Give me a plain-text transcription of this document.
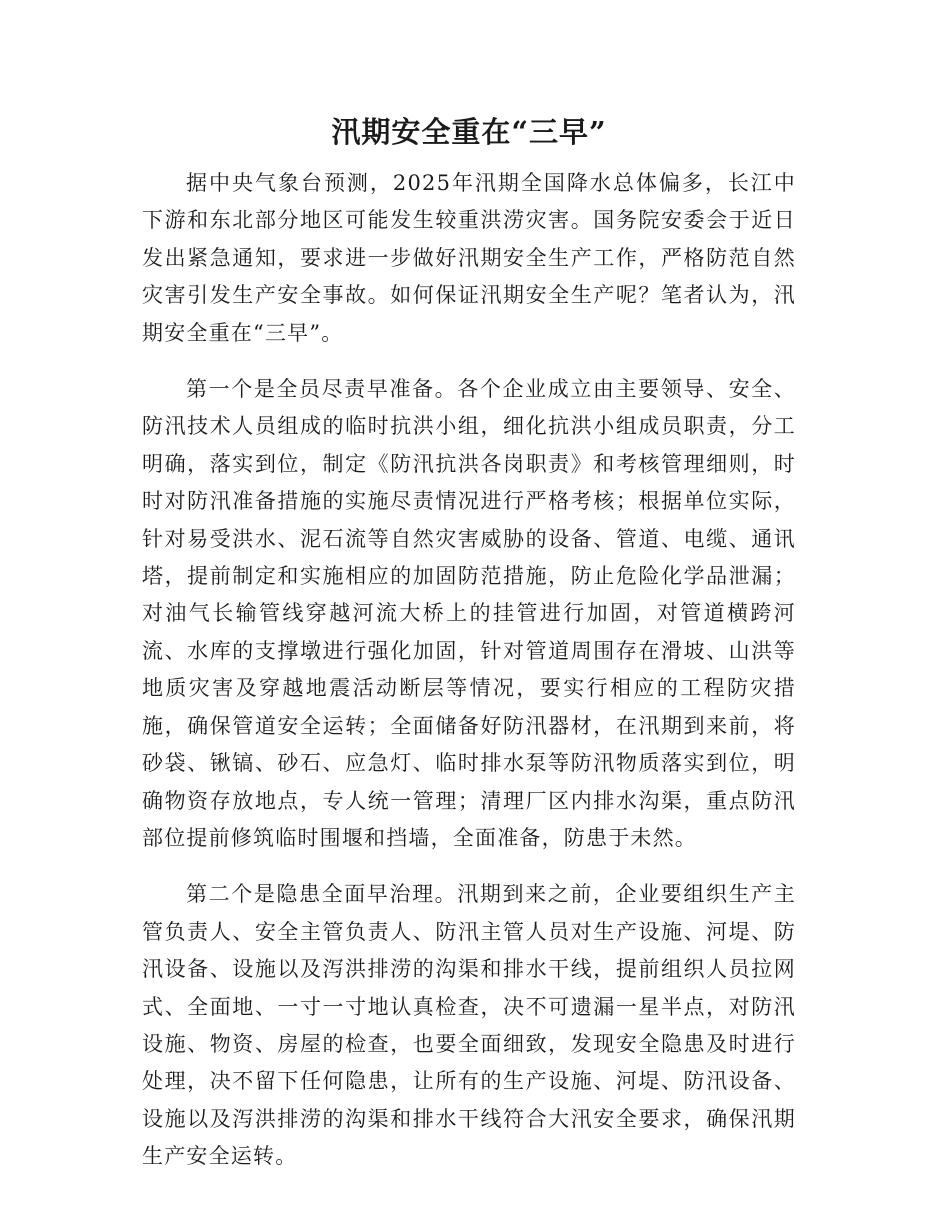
汛期安全重在“三早”

据中央气象台预测，2025年汛期全国降水总体偏多，长江中下游和东北部分地区可能发生较重洪涝灾害。国务院安委会于近日发出紧急通知，要求进一步做好汛期安全生产工作，严格防范自然灾害引发生产安全事故。如何保证汛期安全生产呢？笔者认为，汛期安全重在“三早”。

第一个是全员尽责早准备。各个企业成立由主要领导、安全、防汛技术人员组成的临时抗洪小组，细化抗洪小组成员职责，分工明确，落实到位，制定《防汛抗洪各岗职责》和考核管理细则，时时对防汛准备措施的实施尽责情况进行严格考核；根据单位实际，针对易受洪水、泥石流等自然灾害威胁的设备、管道、电缆、通讯塔，提前制定和实施相应的加固防范措施，防止危险化学品泄漏；对油气长输管线穿越河流大桥上的挂管进行加固，对管道横跨河流、水库的支撑墩进行强化加固，针对管道周围存在滑坡、山洪等地质灾害及穿越地震活动断层等情况，要实行相应的工程防灾措施，确保管道安全运转；全面储备好防汛器材，在汛期到来前，将砂袋、锹镐、砂石、应急灯、临时排水泵等防汛物质落实到位，明确物资存放地点，专人统一管理；清理厂区内排水沟渠，重点防汛部位提前修筑临时围堰和挡墙，全面准备，防患于未然。

第二个是隐患全面早治理。汛期到来之前，企业要组织生产主管负责人、安全主管负责人、防汛主管人员对生产设施、河堤、防汛设备、设施以及泻洪排涝的沟渠和排水干线，提前组织人员拉网式、全面地、一寸一寸地认真检查，决不可遗漏一星半点，对防汛设施、物资、房屋的检查，也要全面细致，发现安全隐患及时进行处理，决不留下任何隐患，让所有的生产设施、河堤、防汛设备、设施以及泻洪排涝的沟渠和排水干线符合大汛安全要求，确保汛期生产安全运转。
